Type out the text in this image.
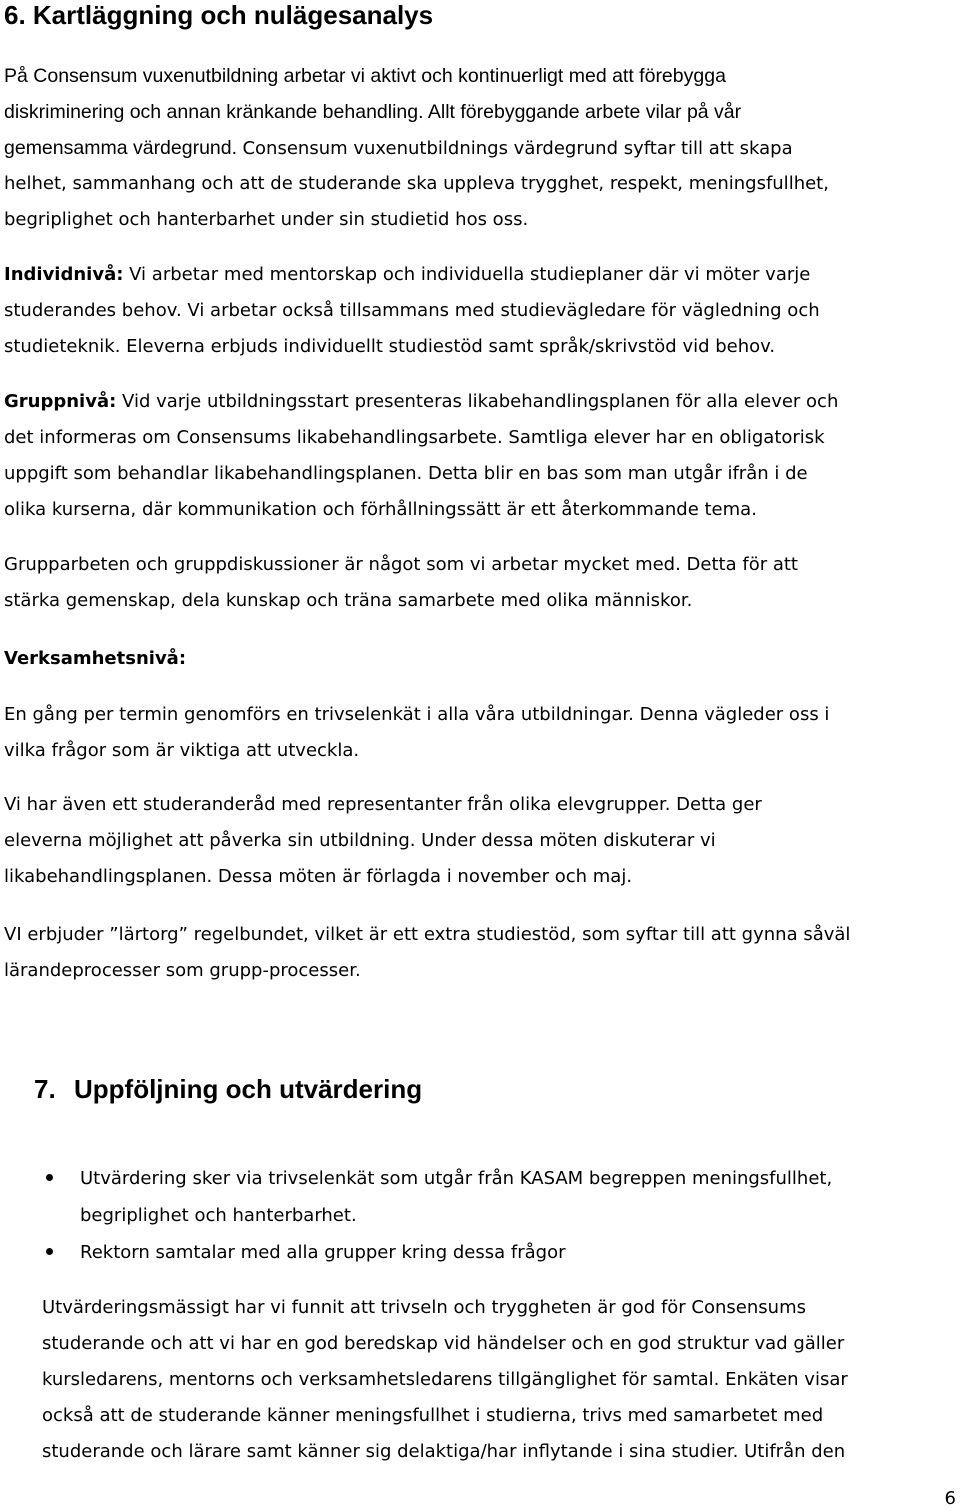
6. Kartläggning och nulägesanalys
På Consensum vuxenutbildning arbetar vi aktivt och kontinuerligt med att förebygga
diskriminering och annan kränkande behandling. Allt förebyggande arbete vilar på vår
gemensamma värdegrund. Consensum vuxenutbildnings värdegrund syftar till att skapa
helhet, sammanhang och att de studerande ska uppleva trygghet, respekt, meningsfullhet,
begriplighet och hanterbarhet under sin studietid hos oss.
Individnivå: Vi arbetar med mentorskap och individuella studieplaner där vi möter varje
studerandes behov. Vi arbetar också tillsammans med studievägledare för vägledning och
studieteknik. Eleverna erbjuds individuellt studiestöd samt språk/skrivstöd vid behov.
Gruppnivå: Vid varje utbildningsstart presenteras likabehandlingsplanen för alla elever och
det informeras om Consensums likabehandlingsarbete. Samtliga elever har en obligatorisk
uppgift som behandlar likabehandlingsplanen. Detta blir en bas som man utgår ifrån i de
olika kurserna, där kommunikation och förhållningssätt är ett återkommande tema.
Grupparbeten och gruppdiskussioner är något som vi arbetar mycket med. Detta för att
stärka gemenskap, dela kunskap och träna samarbete med olika människor.
Verksamhetsnivå:
En gång per termin genomförs en trivselenkät i alla våra utbildningar. Denna vägleder oss i
vilka frågor som är viktiga att utveckla.
Vi har även ett studeranderåd med representanter från olika elevgrupper. Detta ger
eleverna möjlighet att påverka sin utbildning. Under dessa möten diskuterar vi
likabehandlingsplanen. Dessa möten är förlagda i november och maj.
VI erbjuder ”lärtorg” regelbundet, vilket är ett extra studiestöd, som syftar till att gynna såväl
lärandeprocesser som grupp-processer.
7. Uppföljning och utvärdering
Utvärdering sker via trivselenkät som utgår från KASAM begreppen meningsfullhet,
begriplighet och hanterbarhet.
Rektorn samtalar med alla grupper kring dessa frågor
Utvärderingsmässigt har vi funnit att trivseln och tryggheten är god för Consensums
studerande och att vi har en god beredskap vid händelser och en god struktur vad gäller
kursledarens, mentorns och verksamhetsledarens tillgänglighet för samtal. Enkäten visar
också att de studerande känner meningsfullhet i studierna, trivs med samarbetet med
studerande och lärare samt känner sig delaktiga/har inflytande i sina studier. Utifrån den
6
